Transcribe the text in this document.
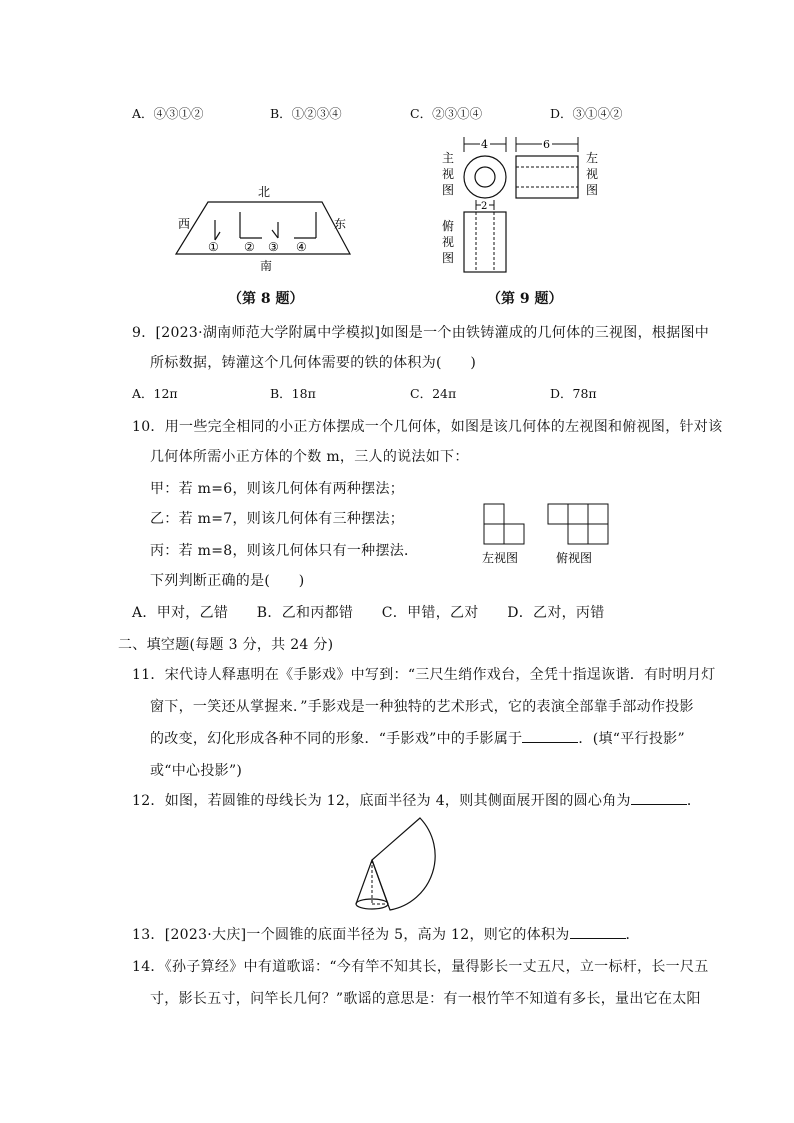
A．④③①②	B．①②③④	C．②③①④	D．③①④②
北
西	东
南
① ② ③ ④
（第 8 题）
主
视
图
4
2
6
左
视
图
俯
视
图
（第 9 题）
9．[2023·湖南师范大学附属中学模拟]如图是一个由铁铸灌成的几何体的三视图，根据图中
所标数据，铸灌这个几何体需要的铁的体积为(　　)
A．12π	B．18π	C．24π	D．78π
10．用一些完全相同的小正方体摆成一个几何体，如图是该几何体的左视图和俯视图，针对该
几何体所需小正方体的个数 m，三人的说法如下：
甲：若 m=6，则该几何体有两种摆法；
乙：若 m=7，则该几何体有三种摆法；
丙：若 m=8，则该几何体只有一种摆法．
下列判断正确的是(　　)
左视图	俯视图
A．甲对，乙错　　B．乙和丙都错　　C．甲错，乙对　　D．乙对，丙错
二、填空题(每题 3 分，共 24 分)
11．宋代诗人释惠明在《手影戏》中写到：“三尺生绡作戏台，全凭十指逞诙谐．有时明月灯
窗下，一笑还从掌握来．”手影戏是一种独特的艺术形式，它的表演全部靠手部动作投影
的改变，幻化形成各种不同的形象．“手影戏”中的手影属于	．(填“平行投影”
或“中心投影”)
12．如图，若圆锥的母线长为 12，底面半径为 4，则其侧面展开图的圆心角为	．
13．[2023·大庆]一个圆锥的底面半径为 5，高为 12，则它的体积为	．
14．《孙子算经》中有道歌谣：“今有竿不知其长，量得影长一丈五尺，立一标杆，长一尺五
寸，影长五寸，问竿长几何？”歌谣的意思是：有一根竹竿不知道有多长，量出它在太阳
